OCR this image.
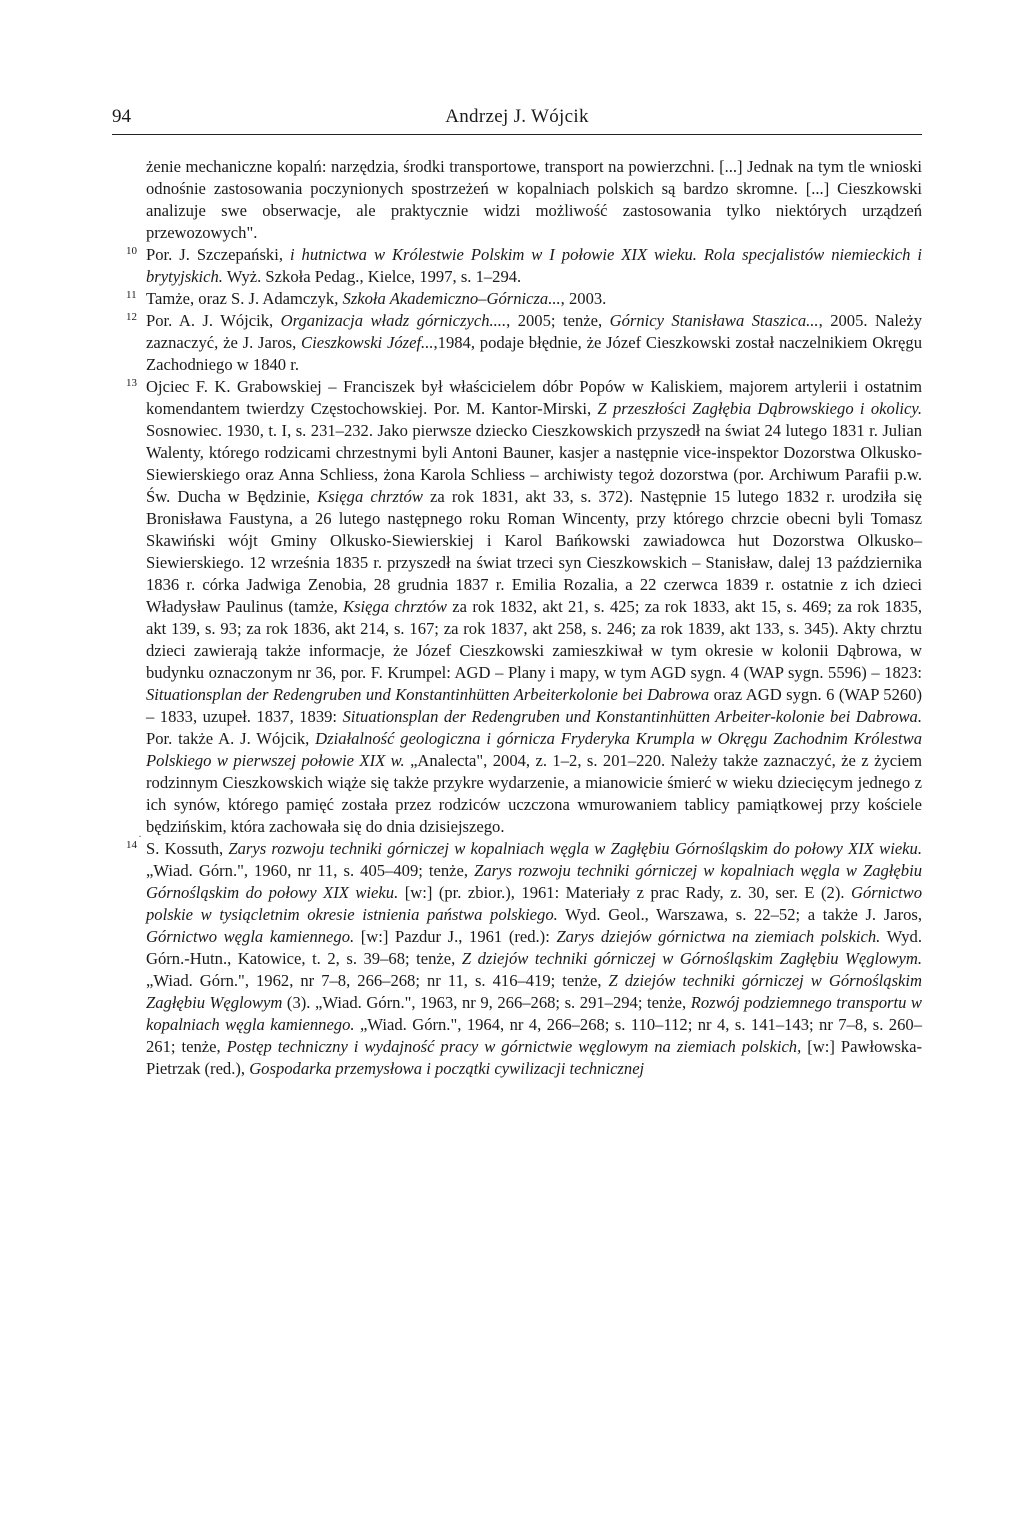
94	Andrzej J. Wójcik
·

żenie mechaniczne kopalń: narzędzia, środki transportowe, transport na powierzchni. [...] Jednak na tym tle wnioski odnośnie zastosowania poczynionych spostrzeżeń w kopalniach polskich są bardzo skromne. [...] Cieszkowski analizuje swe obserwacje, ale praktycznie widzi możliwość zastosowania tylko niektórych urządzeń przewozowych".

10 Por. J. Szczepański, i hutnictwa w Królestwie Polskim w I połowie XIX wieku. Rola specjalistów niemieckich i brytyjskich. Wyż. Szkoła Pedag., Kielce, 1997, s. 1–294.

11 Tamże, oraz S. J. Adamczyk, Szkoła Akademiczno–Górnicza..., 2003.

12 Por. A. J. Wójcik, Organizacja władz górniczych...., 2005; tenże, Górnicy Stanisława Staszica..., 2005. Należy zaznaczyć, że J. Jaros, Cieszkowski Józef...,1984, podaje błędnie, że Józef Cieszkowski został naczelnikiem Okręgu Zachodniego w 1840 r.

13 Ojciec F. K. Grabowskiej – Franciszek był właścicielem dóbr Popów w Kaliskiem, majorem artylerii i ostatnim komendantem twierdzy Częstochowskiej. Por. M. Kantor-Mirski, Z przeszłości Zagłębia Dąbrowskiego i okolicy. Sosnowiec. 1930, t. I, s. 231–232. Jako pierwsze dziecko Cieszkowskich przyszedł na świat 24 lutego 1831 r. Julian Walenty, którego rodzicami chrzestnymi byli Antoni Bauner, kasjer a następnie vice-inspektor Dozorstwa Olkusko-Siewierskiego oraz Anna Schliess, żona Karola Schliess – archiwisty tegoż dozorstwa (por. Archiwum Parafii p.w. Św. Ducha w Będzinie, Księga chrztów za rok 1831, akt 33, s. 372). Następnie 15 lutego 1832 r. urodziła się Bronisława Faustyna, a 26 lutego następnego roku Roman Wincenty, przy którego chrzcie obecni byli Tomasz Skawiński wójt Gminy Olkusko-Siewierskiej i Karol Bańkowski zawiadowca hut Dozorstwa Olkusko–Siewierskiego. 12 września 1835 r. przyszedł na świat trzeci syn Cieszkowskich – Stanisław, dalej 13 października 1836 r. córka Jadwiga Zenobia, 28 grudnia 1837 r. Emilia Rozalia, a 22 czerwca 1839 r. ostatnie z ich dzieci Władysław Paulinus (tamże, Księga chrztów za rok 1832, akt 21, s. 425; za rok 1833, akt 15, s. 469; za rok 1835, akt 139, s. 93; za rok 1836, akt 214, s. 167; za rok 1837, akt 258, s. 246; za rok 1839, akt 133, s. 345). Akty chrztu dzieci zawierają także informacje, że Józef Cieszkowski zamieszkiwał w tym okresie w kolonii Dąbrowa, w budynku oznaczonym nr 36, por. F. Krumpel: AGD – Plany i mapy, w tym AGD sygn. 4 (WAP sygn. 5596) – 1823: Situationsplan der Redengruben und Konstantinhütten Arbeiterkolonie bei Dabrowa oraz AGD sygn. 6 (WAP 5260) – 1833, uzupeł. 1837, 1839: Situationsplan der Redengruben und Konstantinhütten Arbeiter-kolonie bei Dabrowa. Por. także A. J. Wójcik, Działalność geologiczna i górnicza Fryderyka Krumpla w Okręgu Zachodnim Królestwa Polskiego w pierwszej połowie XIX w. „Analecta", 2004, z. 1–2, s. 201–220. Należy także zaznaczyć, że z życiem rodzinnym Cieszkowskich wiąże się także przykre wydarzenie, a mianowicie śmierć w wieku dziecięcym jednego z ich synów, którego pamięć została przez rodziców uczczona wmurowaniem tablicy pamiątkowej przy kościele będzińskim, która zachowała się do dnia dzisiejszego.

14 S. Kossuth, Zarys rozwoju techniki górniczej w kopalniach węgla w Zagłębiu Górnośląskim do połowy XIX wieku. „Wiad. Górn.", 1960, nr 11, s. 405–409; tenże, Zarys rozwoju techniki górniczej w kopalniach węgla w Zagłębiu Górnośląskim do połowy XIX wieku. [w:] (pr. zbior.), 1961: Materiały z prac Rady, z. 30, ser. E (2). Górnictwo polskie w tysiącletnim okresie istnienia państwa polskiego. Wyd. Geol., Warszawa, s. 22–52; a także J. Jaros, Górnictwo węgla kamiennego. [w:] Pazdur J., 1961 (red.): Zarys dziejów górnictwa na ziemiach polskich. Wyd. Górn.-Hutn., Katowice, t. 2, s. 39–68; tenże, Z dziejów techniki górniczej w Górnośląskim Zagłębiu Węglowym. „Wiad. Górn.", 1962, nr 7–8, 266–268; nr 11, s. 416–419; tenże, Z dziejów techniki górniczej w Górnośląskim Zagłębiu Węglowym (3). „Wiad. Górn.", 1963, nr 9, 266–268; s. 291–294; tenże, Rozwój podziemnego transportu w kopalniach węgla kamiennego. „Wiad. Górn.", 1964, nr 4, 266–268; s. 110–112; nr 4, s. 141–143; nr 7–8, s. 260–261; tenże, Postęp techniczny i wydajność pracy w górnictwie węglowym na ziemiach polskich, [w:] Pawłowska-Pietrzak (red.), Gospodarka przemysłowa i początki cywilizacji technicznej
